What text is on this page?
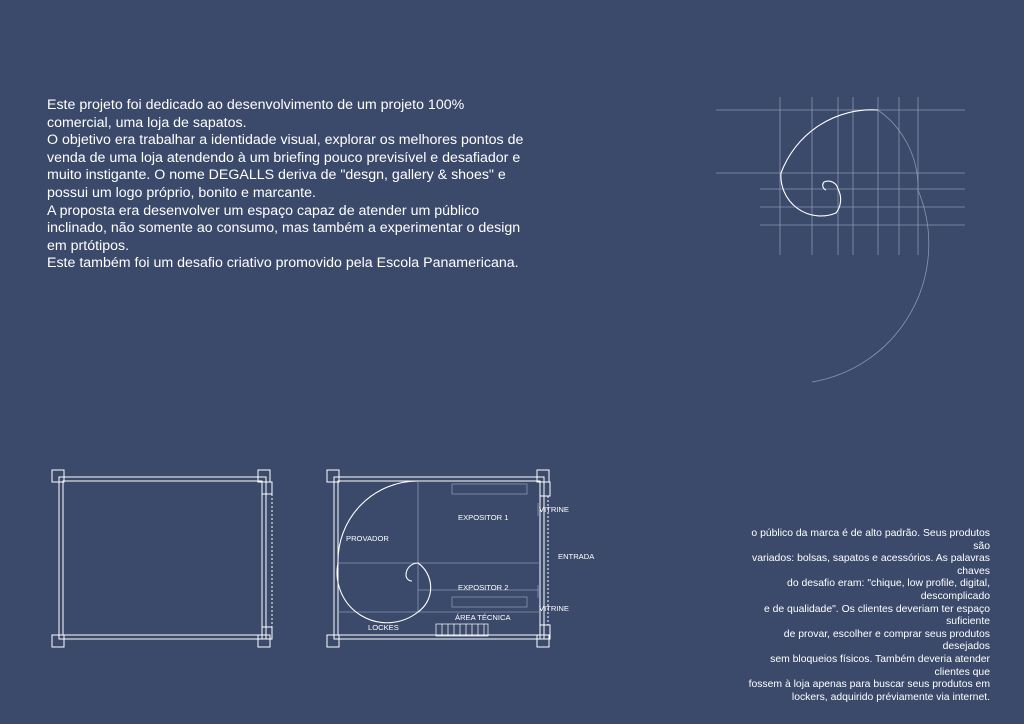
Este projeto foi dedicado ao desenvolvimento de um projeto 100% comercial, uma loja de sapatos.

O objetivo era trabalhar a identidade visual, explorar os melhores pontos de venda de uma loja atendendo à um briefing pouco previsível e desafiador e muito instigante. O nome DEGALLS deriva de "desgn, gallery & shoes" e possui um logo próprio, bonito e marcante.

A proposta era desenvolver um espaço capaz de atender um público inclinado, não somente ao consumo, mas também a experimentar o design em prtótipos.

Este também foi um desafio criativo promovido pela Escola Panamericana.

PROVADOR
EXPOSITOR 1
EXPOSITOR 2
VITRINE
VITRINE
ENTRADA
ÁREA TÉCNICA
LOCKES
o público da marca é de alto padrão. Seus produtos são
variados: bolsas, sapatos e acessórios. As palavras chaves
do desafio eram: "chique, low profile, digital, descomplicado
e de qualidade". Os clientes deveriam ter espaço suficiente
de provar, escolher e comprar seus produtos desejados
sem bloqueios físicos. Também deveria atender clientes que
fossem à loja apenas para buscar seus produtos em
lockers, adquirido préviamente via internet.
